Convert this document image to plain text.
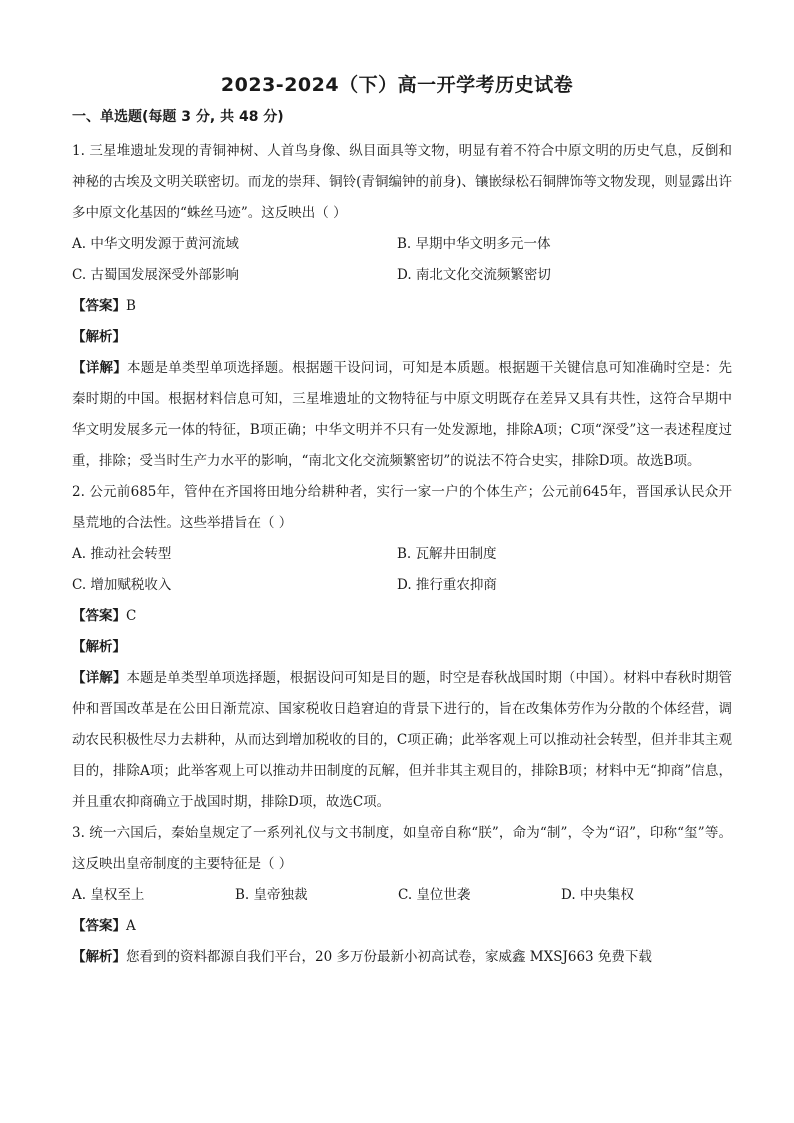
2023-2024（下）高一开学考历史试卷
一、单选题(每题 3 分, 共 48 分)

1. 三星堆遗址发现的青铜神树、人首鸟身像、纵目面具等文物，明显有着不符合中原文明的历史气息，反倒和神秘的古埃及文明关联密切。而龙的崇拜、铜铃(青铜编钟的前身)、镶嵌绿松石铜牌饰等文物发现，则显露出许多中原文化基因的“蛛丝马迹”。这反映出（ ）

A. 中华文明发源于黄河流域	B. 早期中华文明多元一体
C. 古蜀国发展深受外部影响	D. 南北文化交流频繁密切

【答案】B

【解析】

【详解】本题是单类型单项选择题。根据题干设问词，可知是本质题。根据题干关键信息可知准确时空是：先秦时期的中国。根据材料信息可知，三星堆遗址的文物特征与中原文明既存在差异又具有共性，这符合早期中华文明发展多元一体的特征，B项正确；中华文明并不只有一处发源地，排除A项；C项“深受”这一表述程度过重，排除；受当时生产力水平的影响，“南北文化交流频繁密切”的说法不符合史实，排除D项。故选B项。

2. 公元前685年，管仲在齐国将田地分给耕种者，实行一家一户的个体生产；公元前645年，晋国承认民众开垦荒地的合法性。这些举措旨在（ ）

A. 推动社会转型	B. 瓦解井田制度
C. 增加赋税收入	D. 推行重农抑商

【答案】C

【解析】

【详解】本题是单类型单项选择题，根据设问可知是目的题，时空是春秋战国时期（中国）。材料中春秋时期管仲和晋国改革是在公田日渐荒凉、国家税收日趋窘迫的背景下进行的，旨在改集体劳作为分散的个体经营，调动农民积极性尽力去耕种，从而达到增加税收的目的，C项正确；此举客观上可以推动社会转型，但并非其主观目的，排除A项；此举客观上可以推动井田制度的瓦解，但并非其主观目的，排除B项；材料中无“抑商”信息，并且重农抑商确立于战国时期，排除D项，故选C项。

3. 统一六国后，秦始皇规定了一系列礼仪与文书制度，如皇帝自称“朕”，命为“制”，令为“诏”，印称“玺”等。这反映出皇帝制度的主要特征是（ ）

A. 皇权至上	B. 皇帝独裁	C. 皇位世袭	D. 中央集权

【答案】A

【解析】您看到的资料都源自我们平台，20 多万份最新小初高试卷，家威鑫 MXSJ663 免费下载
